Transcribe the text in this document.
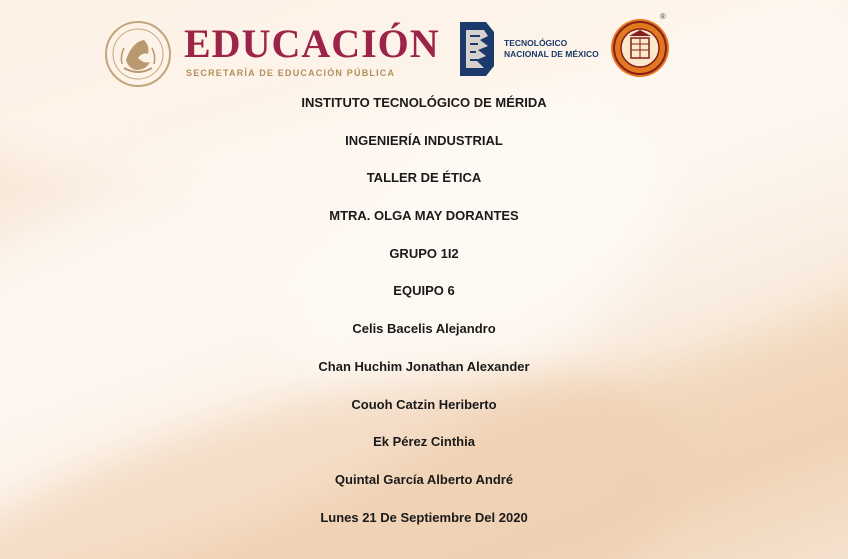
EDUCACIÓN
SECRETARÍA DE EDUCACIÓN PÚBLICA
TECNOLÓGICO
NACIONAL DE MÉXICO
®
INSTITUTO TECNOLÓGICO DE MÉRIDA
INGENIERÍA INDUSTRIAL
TALLER DE ÉTICA
MTRA. OLGA MAY DORANTES
GRUPO 1I2
EQUIPO 6
Celis Bacelis Alejandro
Chan Huchim Jonathan Alexander
Couoh Catzin Heriberto
Ek Pérez Cinthia
Quintal García Alberto André
Lunes 21 De Septiembre Del 2020
